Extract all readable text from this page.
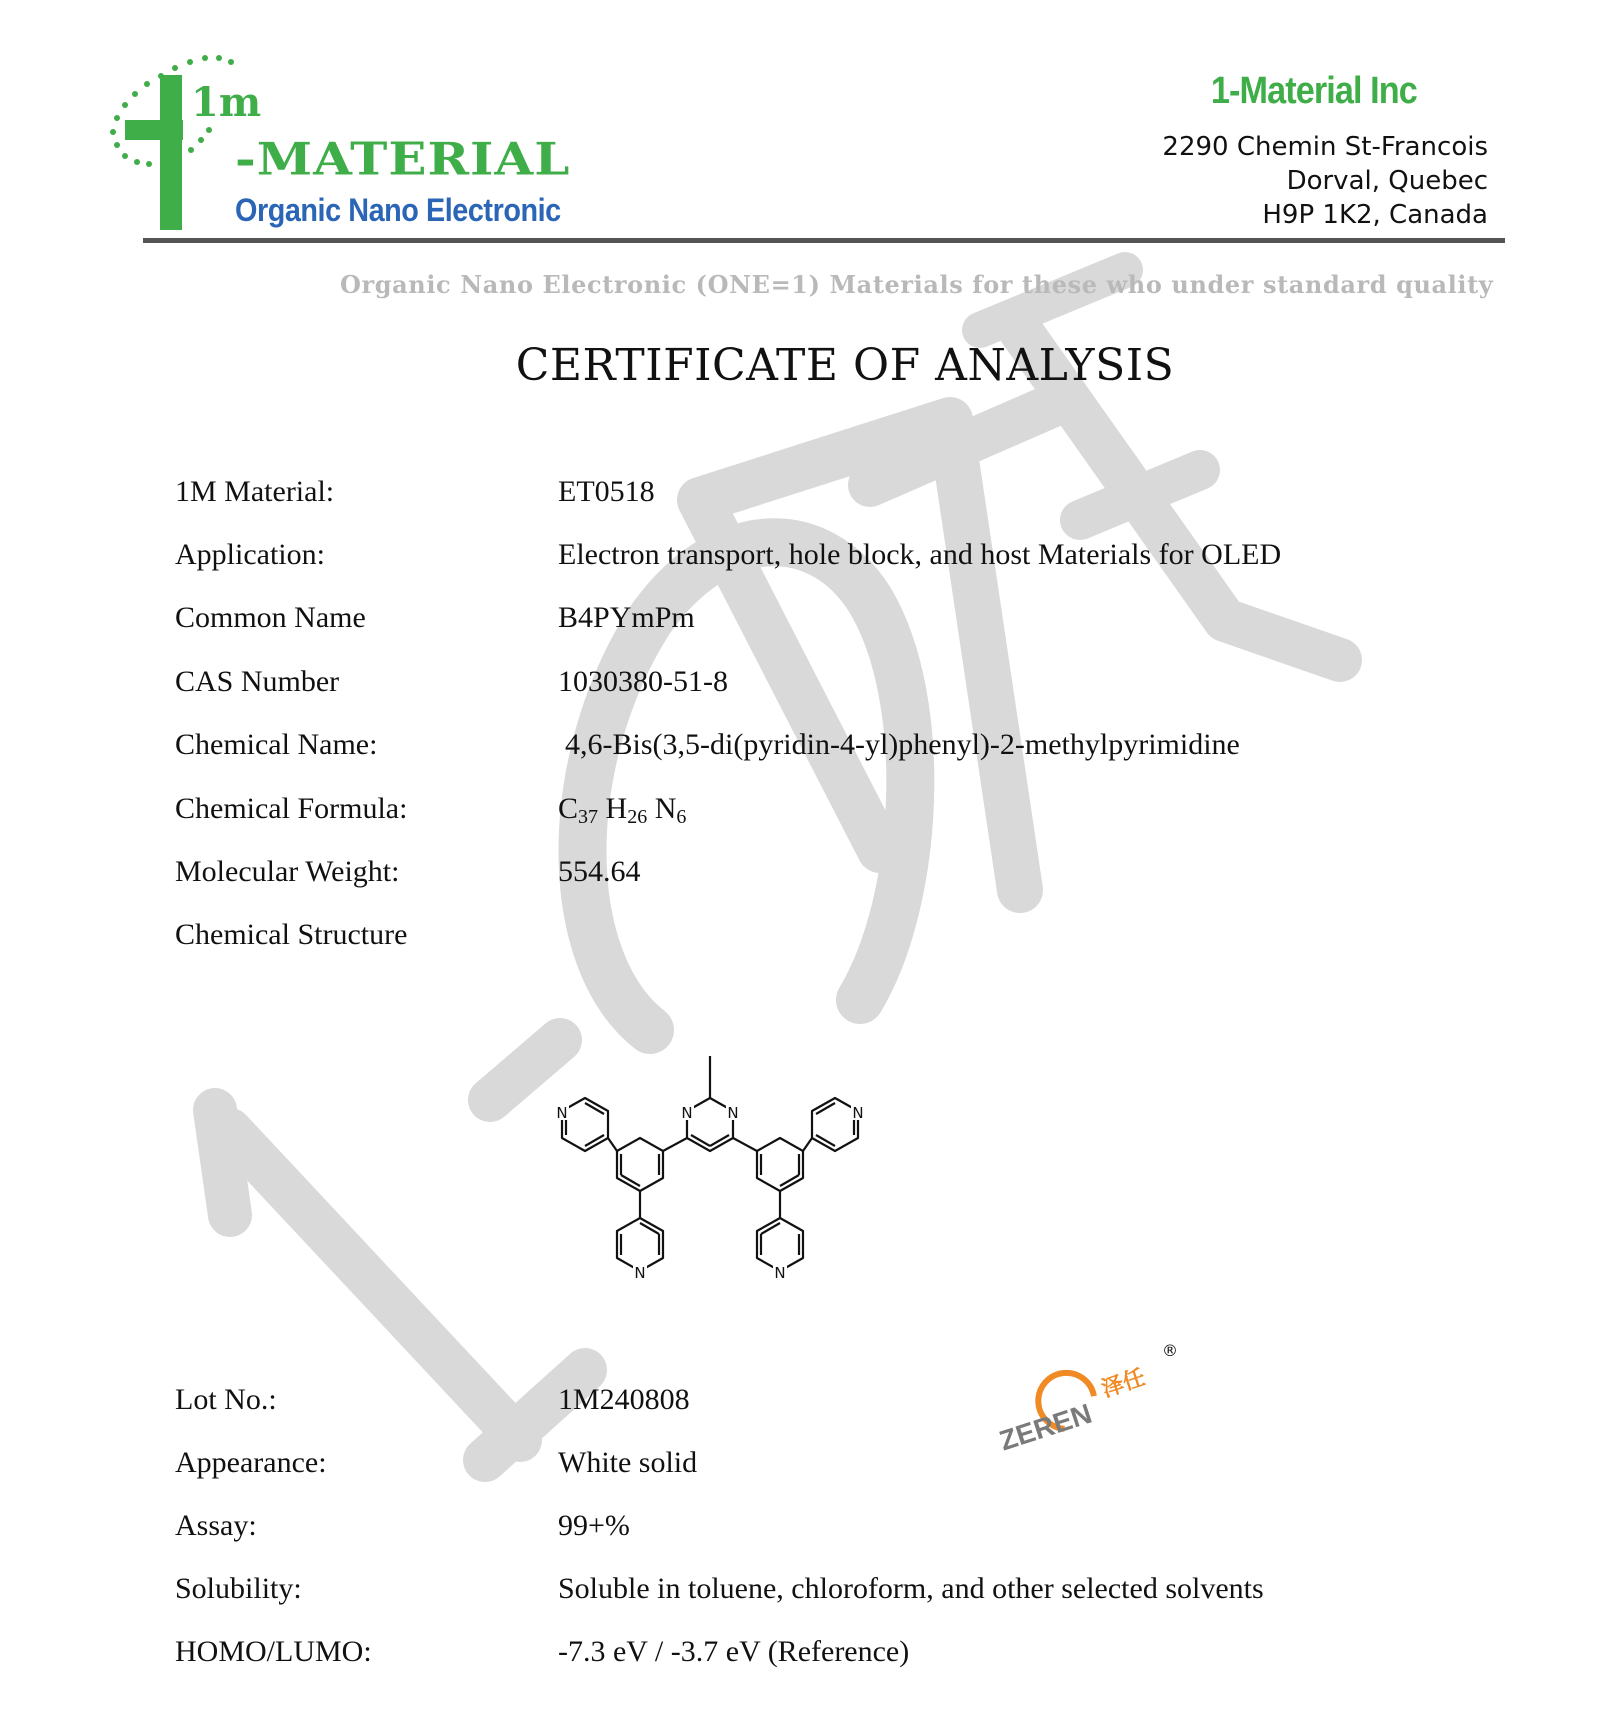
1m
-MATERIAL
Organic Nano Electronic
1-Material Inc
2290 Chemin St-Francois
Dorval, Quebec
H9P 1K2, Canada
Organic Nano Electronic (ONE=1) Materials for these who under standard quality
CERTIFICATE OF ANALYSIS
1M Material:	ET0518
Application:	Electron transport, hole block, and host Materials for OLED
Common Name	B4PYmPm
CAS Number	1030380-51-8
Chemical Name:	4,6-Bis(3,5-di(pyridin-4-yl)phenyl)-2-methylpyrimidine
Chemical Formula:	$C_{37}$ $H_{26}$ $N_6$
Molecular Weight:	554.64
Chemical Structure
N N
N	N
N	N
Lot No.:	1M240808
Appearance:	White solid
Assay:	99+%
Solubility:	Soluble in toluene, chloroform, and other selected solvents
HOMO/LUMO:	-7.3 eV / -3.7 eV (Reference)
ZEREN
泽任
®
